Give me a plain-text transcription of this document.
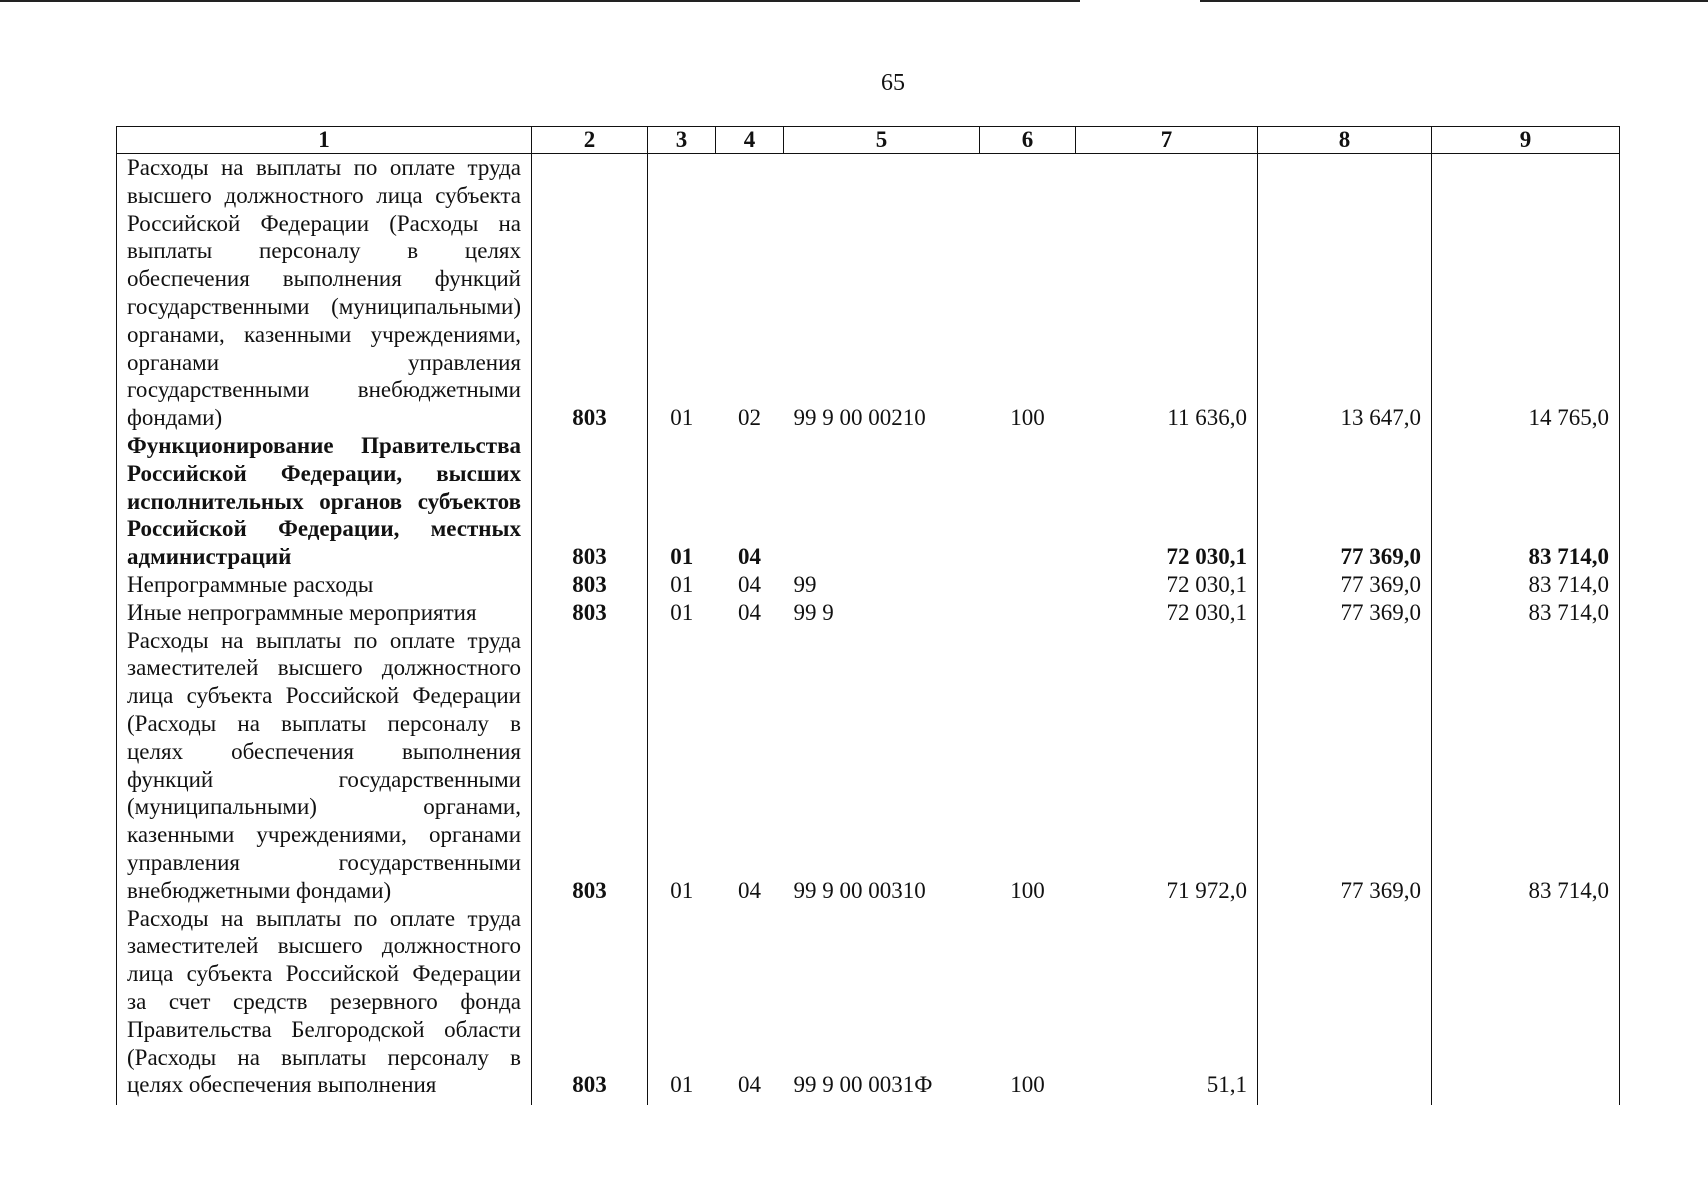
65
1	2	3	4	5	6	7	8	9
Расходы на выплаты по оплате труда высшего должностного лица субъекта Российской Федерации (Расходы на выплаты персоналу в целях обеспечения выполнения функций государственными (муниципальными) органами, казенными учреждениями, органами управления государственными внебюджетными фондами)	803	01	02	99 9 00 00210	100	11 636,0	13 647,0	14 765,0
Функционирование Правительства Российской Федерации, высших исполнительных органов субъектов Российской Федерации, местных администраций	803	01	04			72 030,1	77 369,0	83 714,0
Непрограммные расходы	803	01	04	99		72 030,1	77 369,0	83 714,0
Иные непрограммные мероприятия	803	01	04	99 9		72 030,1	77 369,0	83 714,0
Расходы на выплаты по оплате труда заместителей высшего должностного лица субъекта Российской Федерации (Расходы на выплаты персоналу в целях обеспечения выполнения функций государственными (муниципальными) органами, казенными учреждениями, органами управления государственными внебюджетными фондами)	803	01	04	99 9 00 00310	100	71 972,0	77 369,0	83 714,0
Расходы на выплаты по оплате труда заместителей высшего должностного лица субъекта Российской Федерации за счет средств резервного фонда Правительства Белгородской области (Расходы на выплаты персоналу в целях обеспечения выполнения	803	01	04	99 9 00 0031Ф	100	51,1		
